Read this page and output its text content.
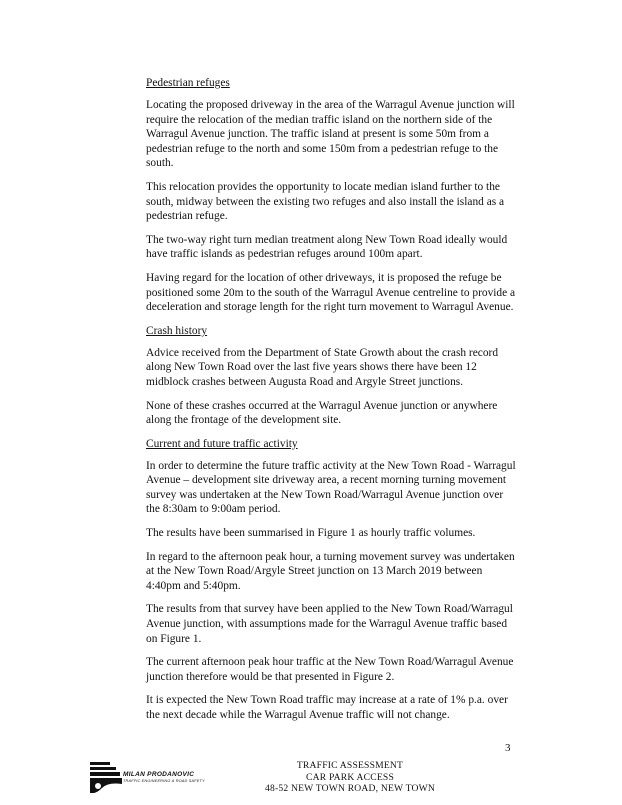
Pedestrian refuges

Locating the proposed driveway in the area of the Warragul Avenue junction will require the relocation of the median traffic island on the northern side of the Warragul Avenue junction. The traffic island at present is some 50m from a pedestrian refuge to the north and some 150m from a pedestrian refuge to the south.

This relocation provides the opportunity to locate median island further to the south, midway between the existing two refuges and also install the island as a pedestrian refuge.

The two-way right turn median treatment along New Town Road ideally would have traffic islands as pedestrian refuges around 100m apart.

Having regard for the location of other driveways, it is proposed the refuge be positioned some 20m to the south of the Warragul Avenue centreline to provide a deceleration and storage length for the right turn movement to Warragul Avenue.

Crash history

Advice received from the Department of State Growth about the crash record along New Town Road over the last five years shows there have been 12 midblock crashes between Augusta Road and Argyle Street junctions.

None of these crashes occurred at the Warragul Avenue junction or anywhere along the frontage of the development site.

Current and future traffic activity

In order to determine the future traffic activity at the New Town Road - Warragul Avenue – development site driveway area, a recent morning turning movement survey was undertaken at the New Town Road/Warragul Avenue junction over the 8:30am to 9:00am period.

The results have been summarised in Figure 1 as hourly traffic volumes.

In regard to the afternoon peak hour, a turning movement survey was undertaken at the New Town Road/Argyle Street junction on 13 March 2019 between 4:40pm and 5:40pm.

The results from that survey have been applied to the New Town Road/Warragul Avenue junction, with assumptions made for the Warragul Avenue traffic based on Figure 1.

The current afternoon peak hour traffic at the New Town Road/Warragul Avenue junction therefore would be that presented in Figure 2.

It is expected the New Town Road traffic may increase at a rate of 1% p.a. over the next decade while the Warragul Avenue traffic will not change.

3
MILAN PRODANOVIC
TRAFFIC ENGINEERING & ROAD SAFETY
TRAFFIC ASSESSMENT
CAR PARK ACCESS
48-52 NEW TOWN ROAD, NEW TOWN
